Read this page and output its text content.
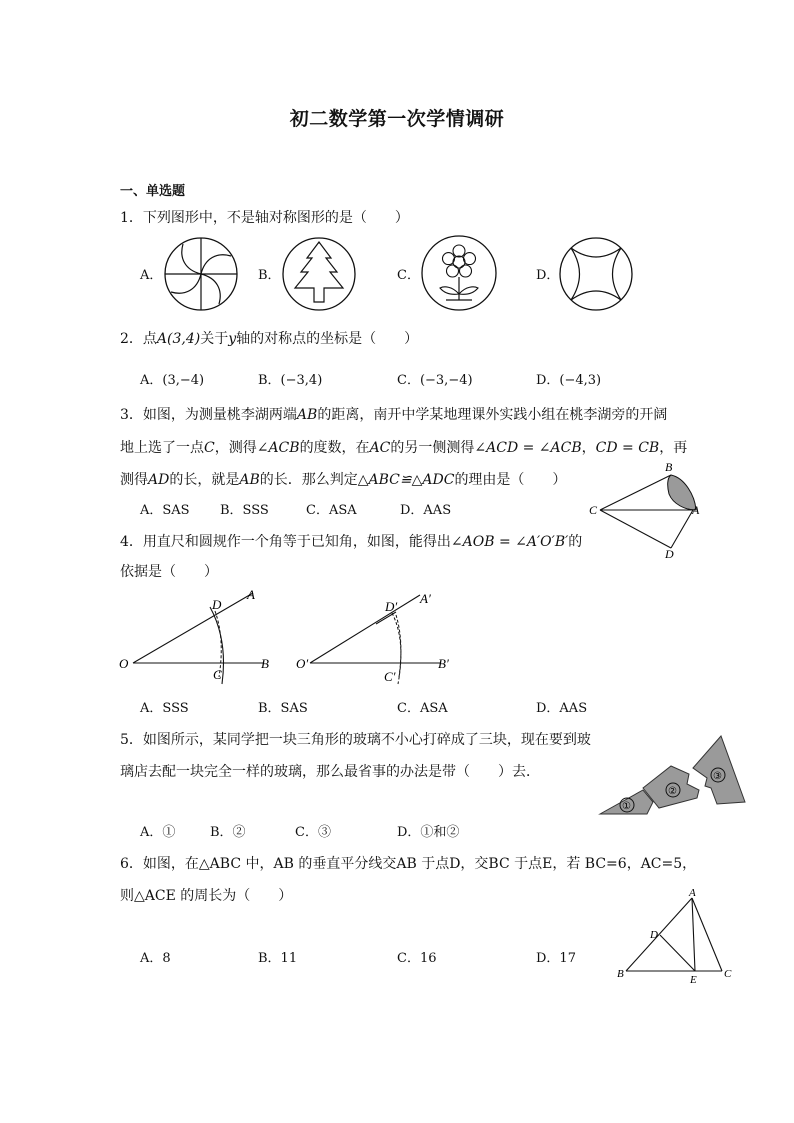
初二数学第一次学情调研
一、单选题
1．下列图形中，不是轴对称图形的是（　　）
A．	B．	C．	D．
2．点A(3,4)关于y轴的对称点的坐标是（　　）
A．(3,−4)	B．(−3,4)	C．(−3,−4)	D．(−4,3)
3．如图，为测量桃李湖两端AB的距离，南开中学某地理课外实践小组在桃李湖旁的开阔
地上选了一点C，测得∠ACB的度数，在AC的另一侧测得∠ACD = ∠ACB，CD = CB，再
测得AD的长，就是AB的长．那么判定△ABC≌△ADC的理由是（　　）
A．SAS B．SSS	C．ASA	D．AAS
B
C	A
D
4．用直尺和圆规作一个角等于已知角，如图，能得出∠AOB = ∠A′O′B′的
依据是（　　）
D
A
O
C
B
D′
A′
O′
C′
B′
A．SSS	B．SAS	C．ASA	D．AAS
5．如图所示，某同学把一块三角形的玻璃不小心打碎成了三块，现在要到玻
璃店去配一块完全一样的玻璃，那么最省事的办法是带（　　）去．
①
②
③
A．①	B．②	C．③	D．①和②
6．如图，在△ABC 中，AB 的垂直平分线交AB 于点D，交BC 于点E，若 BC=6，AC=5，
则△ACE 的周长为（　　）	A
D
B	E C
A．8	B．11	C．16	D．17
